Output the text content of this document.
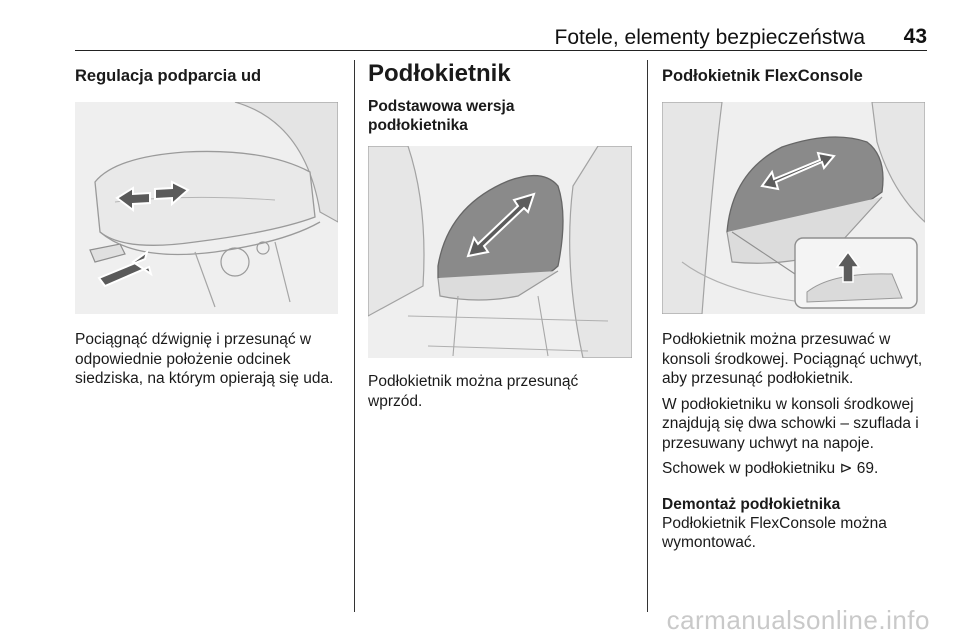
Fotele, elementy bezpieczeństwa 43
Regulacja podparcia ud

Pociągnąć dźwignię i przesunąć w odpowiednie położenie odcinek siedziska, na którym opierają się uda.

Podłokietnik
Podstawowa wersja podłokietnika

Podłokietnik można przesunąć wprzód.

Podłokietnik FlexConsole

Podłokietnik można przesuwać w konsoli środkowej. Pociągnąć uchwyt, aby przesunąć podłokietnik.

W podłokietniku w konsoli środkowej znajdują się dwa schowki – szuflada i przesuwany uchwyt na napoje.

Schowek w podłokietniku ⊳ 69.

Demontaż podłokietnika

Podłokietnik FlexConsole można wymontować.

carmanualsonline.info
